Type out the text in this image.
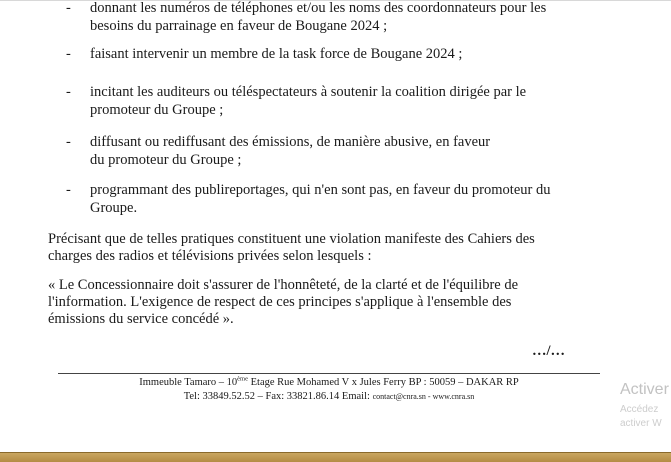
- donnant les numéros de téléphones et/ou les noms des coordonnateurs pour les
besoins du parrainage en faveur de Bougane 2024 ;
- faisant intervenir un membre de la task force de Bougane 2024 ;
- incitant les auditeurs ou téléspectateurs à soutenir la coalition dirigée par le
promoteur du Groupe ;
- diffusant ou rediffusant des émissions, de manière abusive, en faveur
du promoteur du Groupe ;
- programmant des publireportages, qui n'en sont pas, en faveur du promoteur du
Groupe.
Précisant que de telles pratiques constituent une violation manifeste des Cahiers des
charges des radios et télévisions privées selon lesquels :
« Le Concessionnaire doit s'assurer de l'honnêteté, de la clarté et de l'équilibre de
l'information. L'exigence de respect de ces principes s'applique à l'ensemble des
émissions du service concédé ».
…/…
Immeuble Tamaro – 10ème Etage Rue Mohamed V x Jules Ferry BP : 50059 – DAKAR RP
Tel: 33849.52.52 – Fax: 33821.86.14 Email: contact@cnra.sn - www.cnra.sn	Activer
Accédez
activer W
